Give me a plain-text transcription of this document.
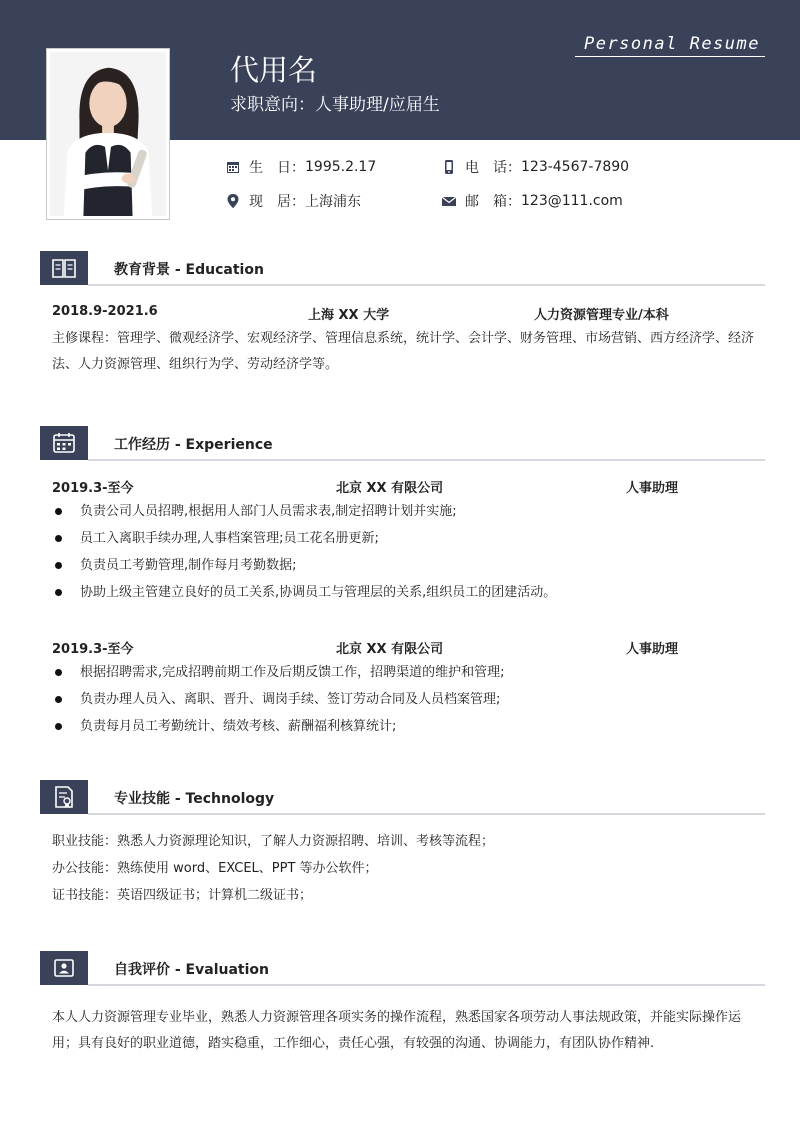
Personal Resume
代用名
求职意向：人事助理/应届生
生　日： 1995.2.17	电　话： 123-4567-7890
现　居： 上海浦东	邮　箱： 123@111.com
教育背景 - Education
2018.9-2021.6	上海 XX 大学	人力资源管理专业/本科
主修课程：管理学、微观经济学、宏观经济学、管理信息系统，统计学、会计学、财务管理、市场营销、西方经济学、经济法、人力资源管理、组织行为学、劳动经济学等。
工作经历 - Experience
2019.3-至今	北京 XX 有限公司	人事助理
负责公司人员招聘,根据用人部门人员需求表,制定招聘计划并实施;
员工入离职手续办理,人事档案管理;员工花名册更新;
负责员工考勤管理,制作每月考勤数据;
协助上级主管建立良好的员工关系,协调员工与管理层的关系,组织员工的团建活动。
2019.3-至今	北京 XX 有限公司	人事助理
根据招聘需求,完成招聘前期工作及后期反馈工作，招聘渠道的维护和管理;
负责办理人员入、离职、晋升、调岗手续、签订劳动合同及人员档案管理;
负责每月员工考勤统计、绩效考核、薪酬福利核算统计;
专业技能 - Technology
职业技能：熟悉人力资源理论知识，了解人力资源招聘、培训、考核等流程；
办公技能：熟练使用 word、EXCEL、PPT 等办公软件；
证书技能：英语四级证书；计算机二级证书；
自我评价 - Evaluation
本人人力资源管理专业毕业，熟悉人力资源管理各项实务的操作流程，熟悉国家各项劳动人事法规政策，并能实际操作运用；具有良好的职业道德，踏实稳重，工作细心，责任心强，有较强的沟通、协调能力，有团队协作精神.
